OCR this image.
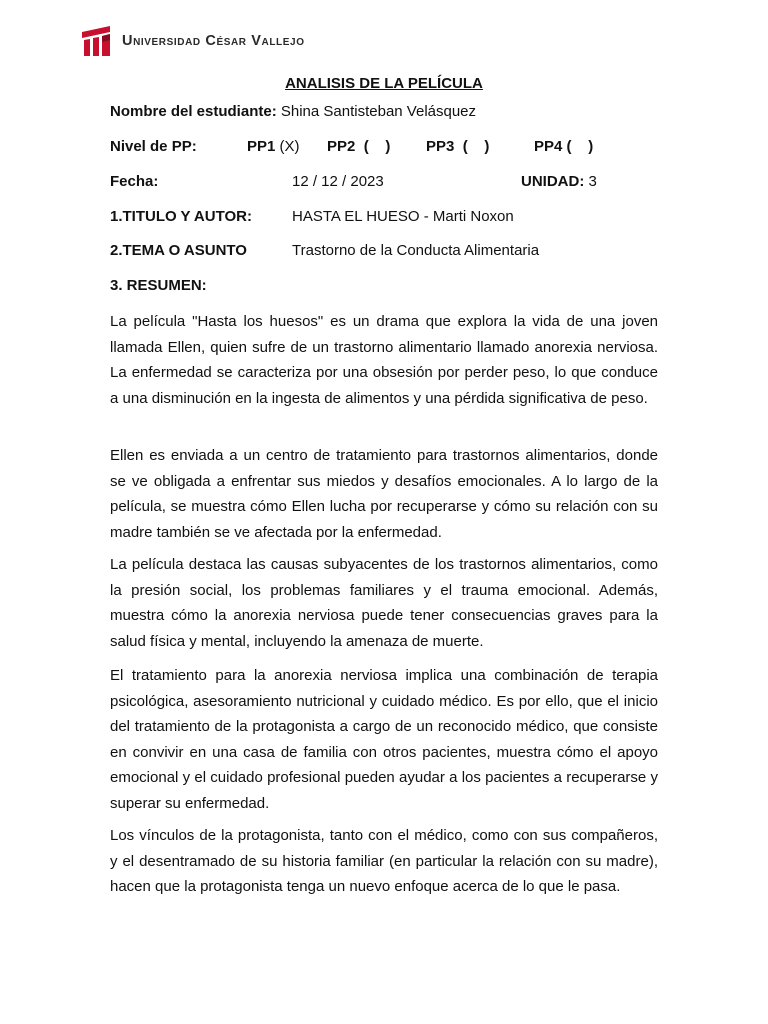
Universidad César Vallejo
ANALISIS DE LA PELÍCULA
Nombre del estudiante: Shina Santisteban Velásquez
Nivel de PP:	PP1 (X) PP2  (    ) PP3  (    )	PP4 (    )
Fecha:	12 / 12 / 2023	UNIDAD: 3
1.TITULO Y AUTOR:	HASTA EL HUESO - Marti Noxon
2.TEMA O ASUNTO	Trastorno de la Conducta Alimentaria
3. RESUMEN:
La película "Hasta los huesos" es un drama que explora la vida de una joven llamada Ellen, quien sufre de un trastorno alimentario llamado anorexia nerviosa. La enfermedad se caracteriza por una obsesión por perder peso, lo que conduce a una disminución en la ingesta de alimentos y una pérdida significativa de peso.
Ellen es enviada a un centro de tratamiento para trastornos alimentarios, donde se ve obligada a enfrentar sus miedos y desafíos emocionales. A lo largo de la película, se muestra cómo Ellen lucha por recuperarse y cómo su relación con su madre también se ve afectada por la enfermedad.
La película destaca las causas subyacentes de los trastornos alimentarios, como la presión social, los problemas familiares y el trauma emocional. Además, muestra cómo la anorexia nerviosa puede tener consecuencias graves para la salud física y mental, incluyendo la amenaza de muerte.
El tratamiento para la anorexia nerviosa implica una combinación de terapia psicológica, asesoramiento nutricional y cuidado médico. Es por ello, que el inicio del tratamiento de la protagonista a cargo de un reconocido médico, que consiste en convivir en una casa de familia con otros pacientes, muestra cómo el apoyo emocional y el cuidado profesional pueden ayudar a los pacientes a recuperarse y superar su enfermedad.
Los vínculos de la protagonista, tanto con el médico, como con sus compañeros, y el desentramado de su historia familiar (en particular la relación con su madre), hacen que la protagonista tenga un nuevo enfoque acerca de lo que le pasa.
